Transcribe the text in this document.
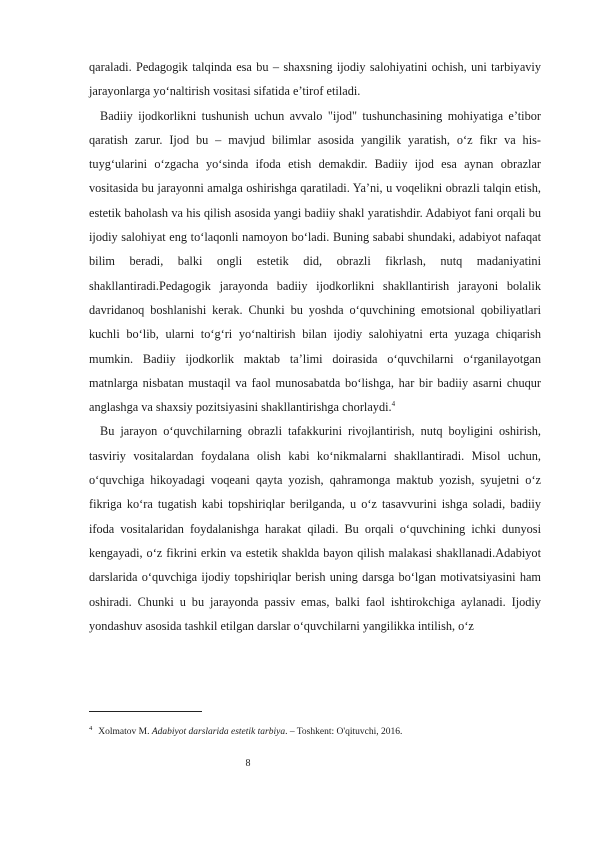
qaraladi. Pedagogik talqinda esa bu – shaxsning ijodiy salohiyatini ochish, uni tarbiyaviy jarayonlarga yo‘naltirish vositasi sifatida e’tirof etiladi.

Badiiy ijodkorlikni tushunish uchun avvalo "ijod" tushunchasining mohiyatiga e’tibor qaratish zarur. Ijod bu – mavjud bilimlar asosida yangilik yaratish, o‘z fikr va his-tuyg‘ularini o‘zgacha yo‘sinda ifoda etish demakdir. Badiiy ijod esa aynan obrazlar vositasida bu jarayonni amalga oshirishga qaratiladi. Ya’ni, u voqelikni obrazli talqin etish, estetik baholash va his qilish asosida yangi badiiy shakl yaratishdir. Adabiyot fani orqali bu ijodiy salohiyat eng to‘laqonli namoyon bo‘ladi. Buning sababi shundaki, adabiyot nafaqat bilim beradi, balki ongli estetik did, obrazli fikrlash, nutq madaniyatini shakllantiradi.Pedagogik jarayonda badiiy ijodkorlikni shakllantirish jarayoni bolalik davridanoq boshlanishi kerak. Chunki bu yoshda o‘quvchining emotsional qobiliyatlari kuchli bo‘lib, ularni to‘g‘ri yo‘naltirish bilan ijodiy salohiyatni erta yuzaga chiqarish mumkin. Badiiy ijodkorlik maktab ta’limi doirasida o‘quvchilarni o‘rganilayotgan matnlarga nisbatan mustaqil va faol munosabatda bo‘lishga, har bir badiiy asarni chuqur anglashga va shaxsiy pozitsiyasini shakllantirishga chorlaydi.$^4$

Bu jarayon o‘quvchilarning obrazli tafakkurini rivojlantirish, nutq boyligini oshirish, tasviriy vositalardan foydalana olish kabi ko‘nikmalarni shakllantiradi. Misol uchun, o‘quvchiga hikoyadagi voqeani qayta yozish, qahramonga maktub yozish, syujetni o‘z fikriga ko‘ra tugatish kabi topshiriqlar berilganda, u o‘z tasavvurini ishga soladi, badiiy ifoda vositalaridan foydalanishga harakat qiladi. Bu orqali o‘quvchining ichki dunyosi kengayadi, o‘z fikrini erkin va estetik shaklda bayon qilish malakasi shakllanadi.Adabiyot darslarida o‘quvchiga ijodiy topshiriqlar berish uning darsga bo‘lgan motivatsiyasini ham oshiradi. Chunki u bu jarayonda passiv emas, balki faol ishtirokchiga aylanadi. Ijodiy yondashuv asosida tashkil etilgan darslar o‘quvchilarni yangilikka intilish, o‘z

$^4$ Xolmatov M. Adabiyot darslarida estetik tarbiya. – Toshkent: O'qituvchi, 2016.
8
